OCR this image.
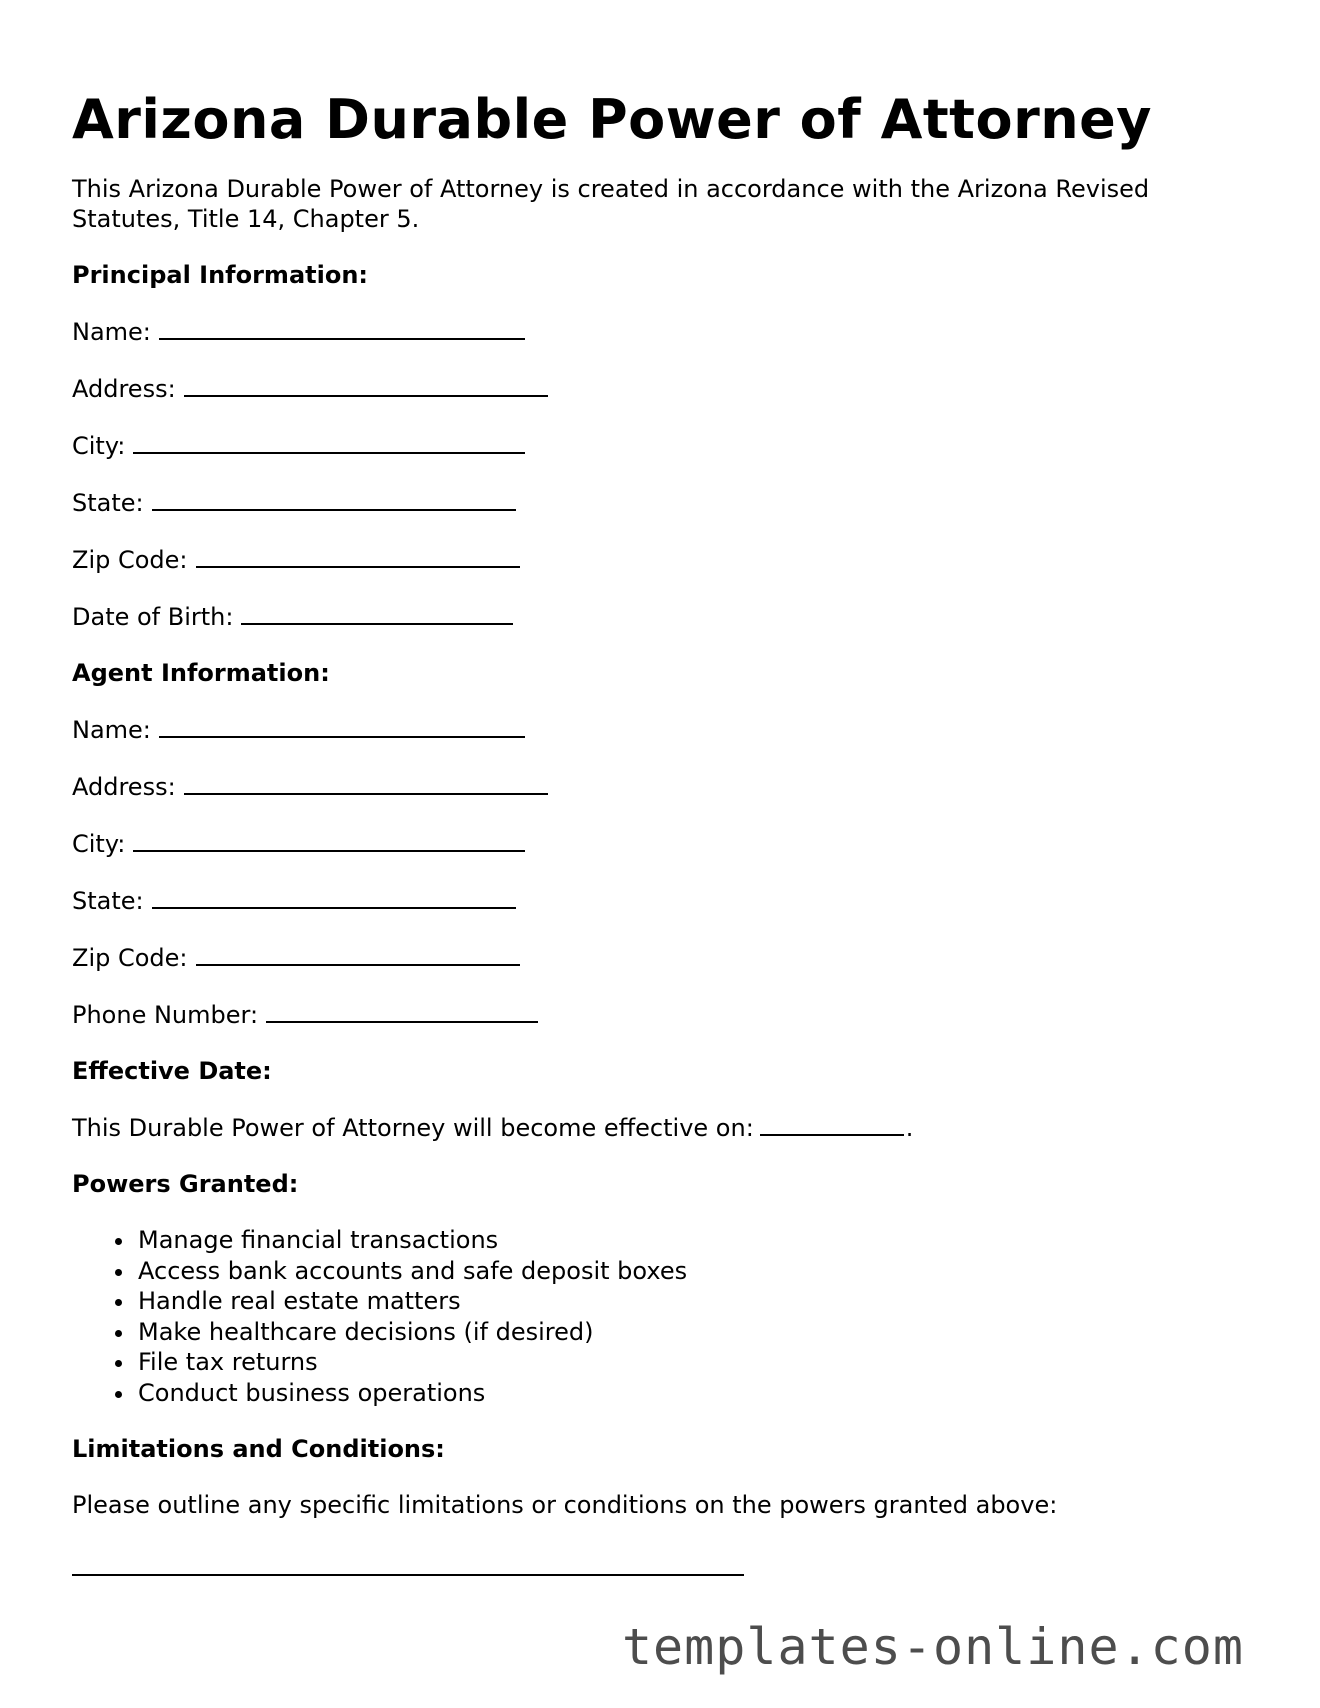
Arizona Durable Power of Attorney

This Arizona Durable Power of Attorney is created in accordance with the Arizona Revised Statutes, Title 14, Chapter 5.

Principal Information:
Name:
Address:
City:
State:
Zip Code:
Date of Birth:
Agent Information:
Name:
Address:
City:
State:
Zip Code:
Phone Number:
Effective Date:

This Durable Power of Attorney will become effective on:	.

Powers Granted:
• Manage financial transactions
• Access bank accounts and safe deposit boxes
• Handle real estate matters
• Make healthcare decisions (if desired)
• File tax returns
• Conduct business operations
Limitations and Conditions:

Please outline any specific limitations or conditions on the powers granted above:

templates-online.com
